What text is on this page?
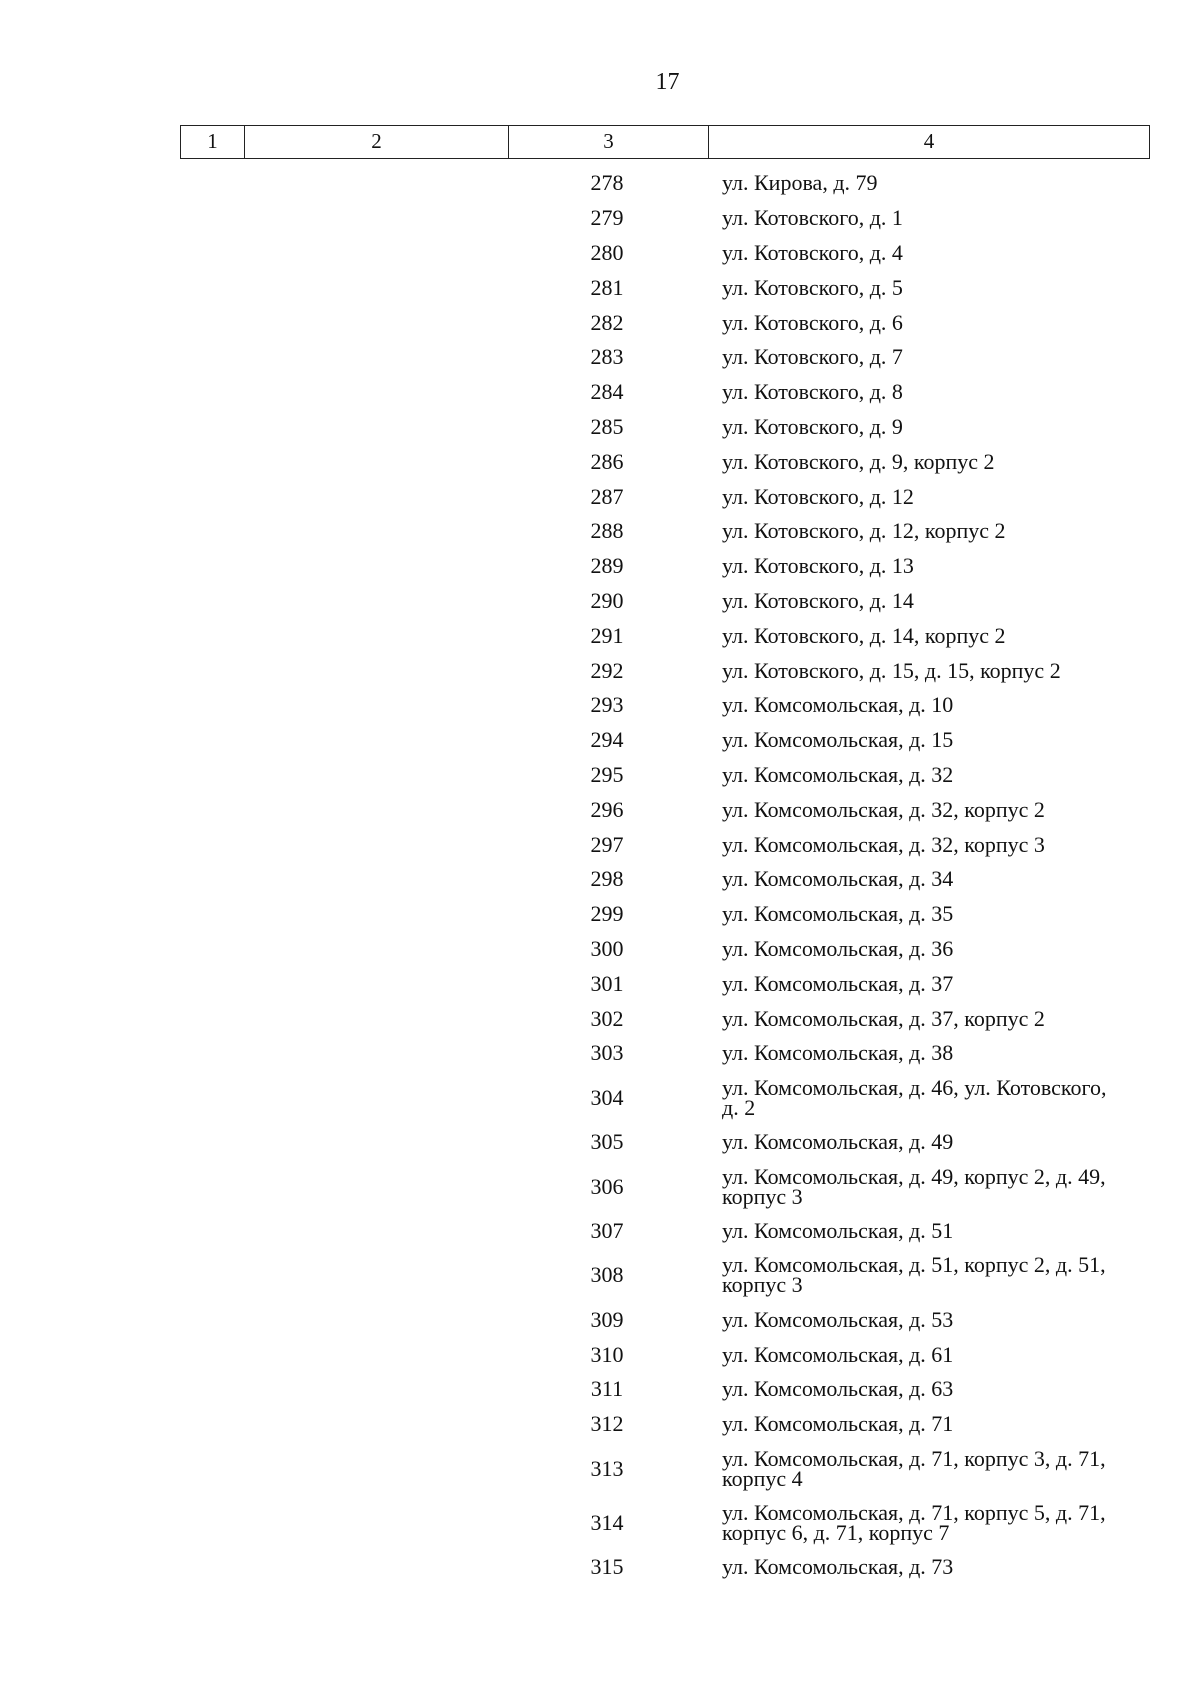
17
1	2	3	4
278	ул. Кирова, д. 79
279	ул. Котовского, д. 1
280	ул. Котовского, д. 4
281	ул. Котовского, д. 5
282	ул. Котовского, д. 6
283	ул. Котовского, д. 7
284	ул. Котовского, д. 8
285	ул. Котовского, д. 9
286	ул. Котовского, д. 9, корпус 2
287	ул. Котовского, д. 12
288	ул. Котовского, д. 12, корпус 2
289	ул. Котовского, д. 13
290	ул. Котовского, д. 14
291	ул. Котовского, д. 14, корпус 2
292	ул. Котовского, д. 15, д. 15, корпус 2
293	ул. Комсомольская, д. 10
294	ул. Комсомольская, д. 15
295	ул. Комсомольская, д. 32
296	ул. Комсомольская, д. 32, корпус 2
297	ул. Комсомольская, д. 32, корпус 3
298	ул. Комсомольская, д. 34
299	ул. Комсомольская, д. 35
300	ул. Комсомольская, д. 36
301	ул. Комсомольская, д. 37
302	ул. Комсомольская, д. 37, корпус 2
303	ул. Комсомольская, д. 38
304	ул. Комсомольская, д. 46, ул. Котовского, д. 2
305	ул. Комсомольская, д. 49
306	ул. Комсомольская, д. 49, корпус 2, д. 49, корпус 3
307	ул. Комсомольская, д. 51
308	ул. Комсомольская, д. 51, корпус 2, д. 51, корпус 3
309	ул. Комсомольская, д. 53
310	ул. Комсомольская, д. 61
311	ул. Комсомольская, д. 63
312	ул. Комсомольская, д. 71
313	ул. Комсомольская, д. 71, корпус 3, д. 71, корпус 4
314	ул. Комсомольская, д. 71, корпус 5, д. 71, корпус 6, д. 71, корпус 7
315	ул. Комсомольская, д. 73
